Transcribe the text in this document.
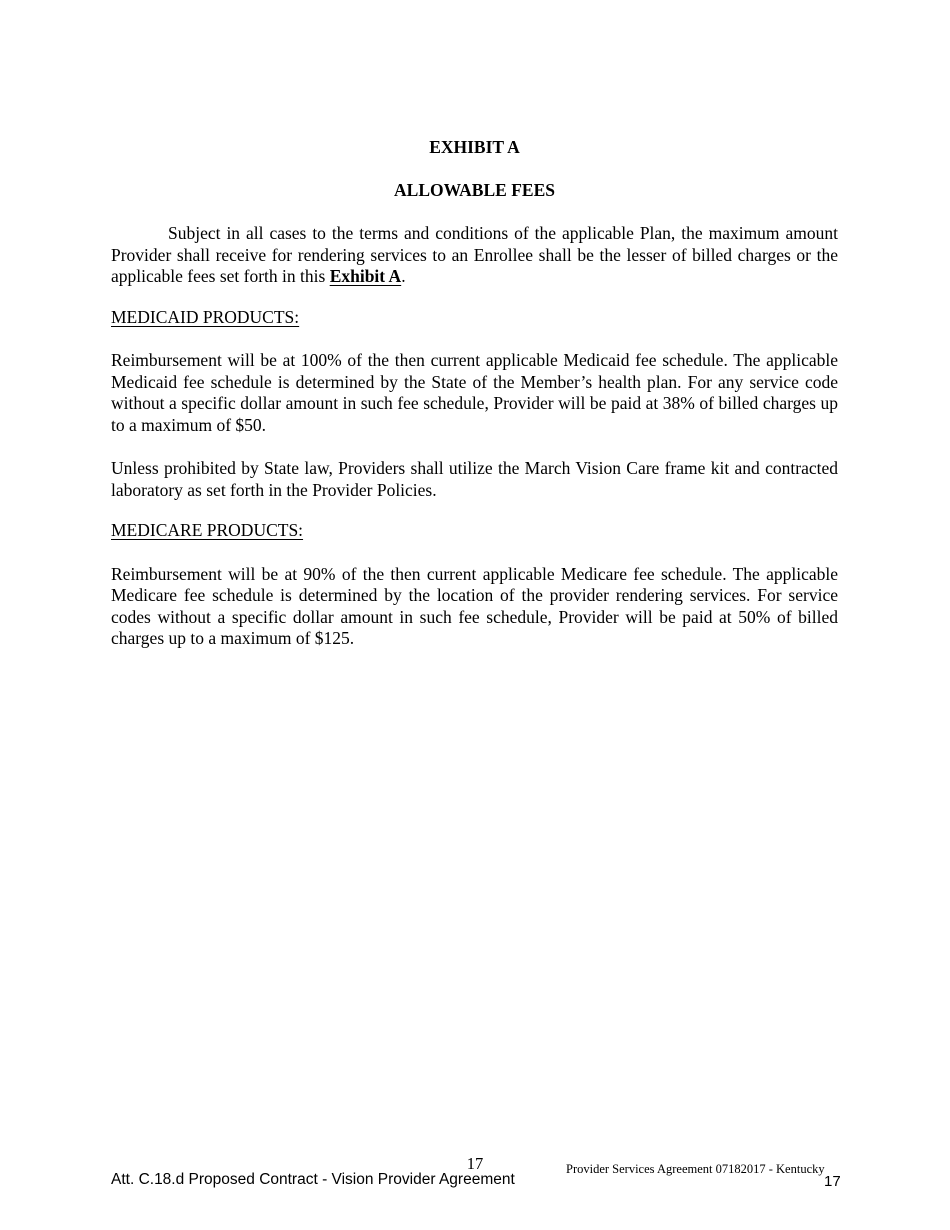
EXHIBIT A
ALLOWABLE FEES

Subject in all cases to the terms and conditions of the applicable Plan, the maximum amount Provider shall receive for rendering services to an Enrollee shall be the lesser of billed charges or the applicable fees set forth in this Exhibit A.

MEDICAID PRODUCTS:

Reimbursement will be at 100% of the then current applicable Medicaid fee schedule. The applicable Medicaid fee schedule is determined by the State of the Member’s health plan. For any service code without a specific dollar amount in such fee schedule, Provider will be paid at 38% of billed charges up to a maximum of $50.

Unless prohibited by State law, Providers shall utilize the March Vision Care frame kit and contracted laboratory as set forth in the Provider Policies.

MEDICARE PRODUCTS:

Reimbursement will be at 90% of the then current applicable Medicare fee schedule. The applicable Medicare fee schedule is determined by the location of the provider rendering services. For service codes without a specific dollar amount in such fee schedule, Provider will be paid at 50% of billed charges up to a maximum of $125.

17
Att. C.18.d Proposed Contract - Vision Provider Agreement
Provider Services Agreement 07182017 - Kentucky
17
